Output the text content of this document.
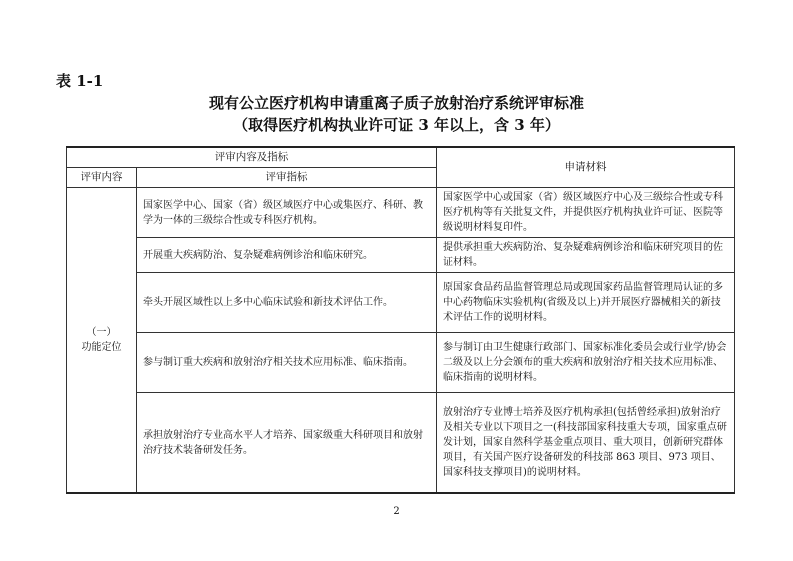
表 1-1
现有公立医疗机构申请重离子质子放射治疗系统评审标准
（取得医疗机构执业许可证 3 年以上，含 3 年）
评审内容及指标		申请材料
评审内容	评审指标	

（一）
功能定位	国家医学中心、国家（省）级区域医疗中心或集医疗、科研、教学为一体的三级综合性或专科医疗机构。	国家医学中心或国家（省）级区域医疗中心及三级综合性或专科医疗机构等有关批复文件，并提供医疗机构执业许可证、医院等级说明材料复印件。
	开展重大疾病防治、复杂疑难病例诊治和临床研究。	提供承担重大疾病防治、复杂疑难病例诊治和临床研究项目的佐证材料。
	牵头开展区域性以上多中心临床试验和新技术评估工作。	原国家食品药品监督管理总局或现国家药品监督管理局认证的多中心药物临床实验机构(省级及以上)并开展医疗器械相关的新技术评估工作的说明材料。
	参与制订重大疾病和放射治疗相关技术应用标准、临床指南。	参与制订由卫生健康行政部门、国家标准化委员会或行业学/协会二级及以上分会颁布的重大疾病和放射治疗相关技术应用标准、临床指南的说明材料。
	承担放射治疗专业高水平人才培养、国家级重大科研项目和放射治疗技术装备研发任务。	放射治疗专业博士培养及医疗机构承担(包括曾经承担)放射治疗及相关专业以下项目之一(科技部国家科技重大专项，国家重点研发计划，国家自然科学基金重点项目、重大项目，创新研究群体项目，有关国产医疗设备研发的科技部 863 项目、973 项目、国家科技支撑项目)的说明材料。
2
